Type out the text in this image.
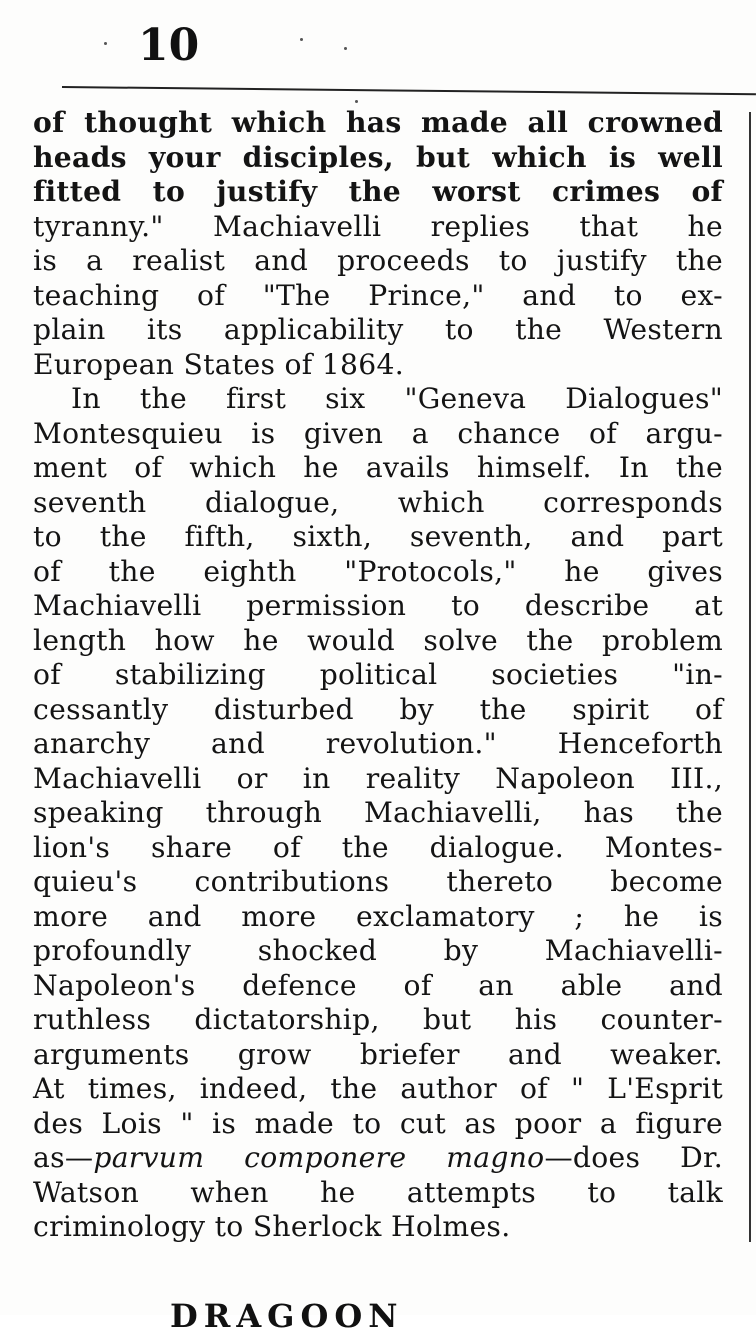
10
of thought which has made all crowned
heads your disciples, but which is well
fitted to justify the worst crimes of
tyranny." Machiavelli replies that he
is a realist and proceeds to justify the
teaching of "The Prince," and to ex-
plain its applicability to the Western
European States of 1864.
In the first six "Geneva Dialogues"
Montesquieu is given a chance of argu-
ment of which he avails himself. In the
seventh dialogue, which corresponds
to the fifth, sixth, seventh, and part
of the eighth "Protocols," he gives
Machiavelli permission to describe at
length how he would solve the problem
of stabilizing political societies "in-
cessantly disturbed by the spirit of
anarchy and revolution." Henceforth
Machiavelli or in reality Napoleon III.,
speaking through Machiavelli, has the
lion's share of the dialogue. Montes-
quieu's contributions thereto become
more and more exclamatory ; he is
profoundly shocked by Machiavelli-
Napoleon's defence of an able and
ruthless dictatorship, but his counter-
arguments grow briefer and weaker.
At times, indeed, the author of " L'Esprit
des Lois " is made to cut as poor a figure
as—parvum componere magno—does Dr.
Watson when he attempts to talk
criminology to Sherlock Holmes.
DRAGOON
